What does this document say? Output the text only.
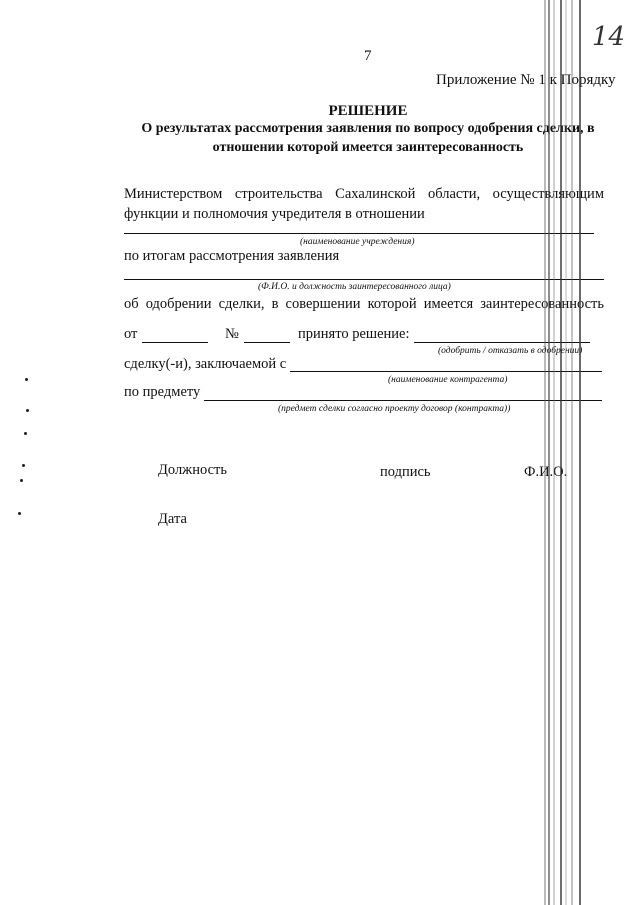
7
14
Приложение № 1 к Порядку
РЕШЕНИЕ
О результатах рассмотрения заявления по вопросу одобрения сделки, в
отношении которой имеется заинтересованность
Министерством строительства Сахалинской области, осуществляющим
функции и полномочия учредителя в отношении
(наименование учреждения)
по итогам рассмотрения заявления
(Ф.И.О. и должность заинтересованного лица)
об одобрении сделки, в совершении которой имеется заинтересованность
от	№	принято решение:
(одобрить / отказать в одобрении)
сделку(-и), заключаемой с
(наименование контрагента)
по предмету
(предмет сделки согласно проекту договор (контракта))
Должность	подпись	Ф.И.О.
Дата
